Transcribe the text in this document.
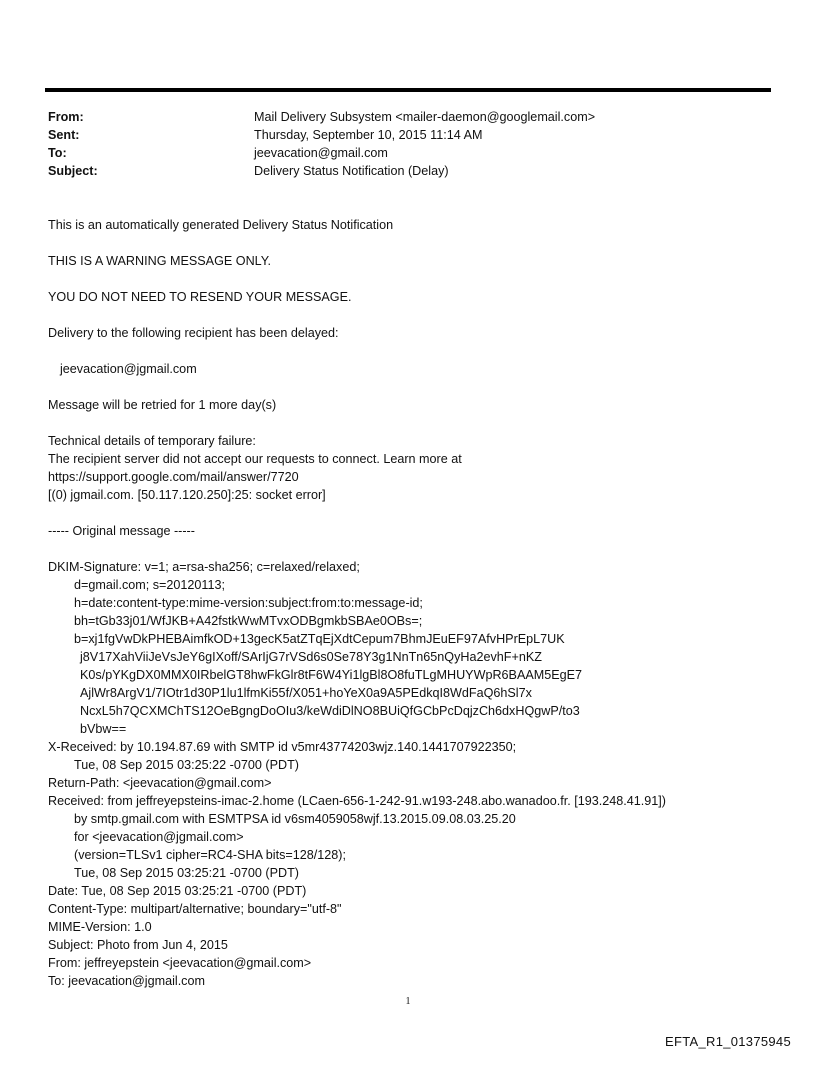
From:	Mail Delivery Subsystem <mailer-daemon@googlemail.com>
Sent:	Thursday, September 10, 2015 11:14 AM
To:	jeevacation@gmail.com
Subject:	Delivery Status Notification (Delay)
This is an automatically generated Delivery Status Notification
THIS IS A WARNING MESSAGE ONLY.
YOU DO NOT NEED TO RESEND YOUR MESSAGE.
Delivery to the following recipient has been delayed:
jeevacation@jgmail.com
Message will be retried for 1 more day(s)
Technical details of temporary failure:
The recipient server did not accept our requests to connect. Learn more at
https://support.google.com/mail/answer/7720
[(0) jgmail.com. [50.117.120.250]:25: socket error]
----- Original message -----
DKIM-Signature: v=1; a=rsa-sha256; c=relaxed/relaxed;
d=gmail.com; s=20120113;
h=date:content-type:mime-version:subject:from:to:message-id;
bh=tGb33j01/WfJKB+A42fstkWwMTvxODBgmkbSBAe0OBs=;
b=xj1fgVwDkPHEBAimfkOD+13gecK5atZTqEjXdtCepum7BhmJEuEF97AfvHPrEpL7UK
j8V17XahViiJeVsJeY6gIXoff/SArIjG7rVSd6s0Se78Y3g1NnTn65nQyHa2evhF+nKZ
K0s/pYKgDX0MMX0IRbelGT8hwFkGlr8tF6W4Yi1lgBl8O8fuTLgMHUYWpR6BAAM5EgE7
AjlWr8ArgV1/7IOtr1d30P1lu1lfmKi55f/X051+hoYeX0a9A5PEdkqI8WdFaQ6hSl7x
NcxL5h7QCXMChTS12OeBgngDoOIu3/keWdiDlNO8BUiQfGCbPcDqjzCh6dxHQgwP/to3
bVbw==
X-Received: by 10.194.87.69 with SMTP id v5mr43774203wjz.140.1441707922350;
Tue, 08 Sep 2015 03:25:22 -0700 (PDT)
Return-Path: <jeevacation@gmail.com>
Received: from jeffreyepsteins-imac-2.home (LCaen-656-1-242-91.w193-248.abo.wanadoo.fr. [193.248.41.91])
by smtp.gmail.com with ESMTPSA id v6sm4059058wjf.13.2015.09.08.03.25.20
for <jeevacation@jgmail.com>
(version=TLSv1 cipher=RC4-SHA bits=128/128);
Tue, 08 Sep 2015 03:25:21 -0700 (PDT)
Date: Tue, 08 Sep 2015 03:25:21 -0700 (PDT)
Content-Type: multipart/alternative; boundary="utf-8"
MIME-Version: 1.0
Subject: Photo from Jun 4, 2015
From: jeffreyepstein <jeevacation@gmail.com>
To: jeevacation@jgmail.com
1
EFTA_R1_01375945
